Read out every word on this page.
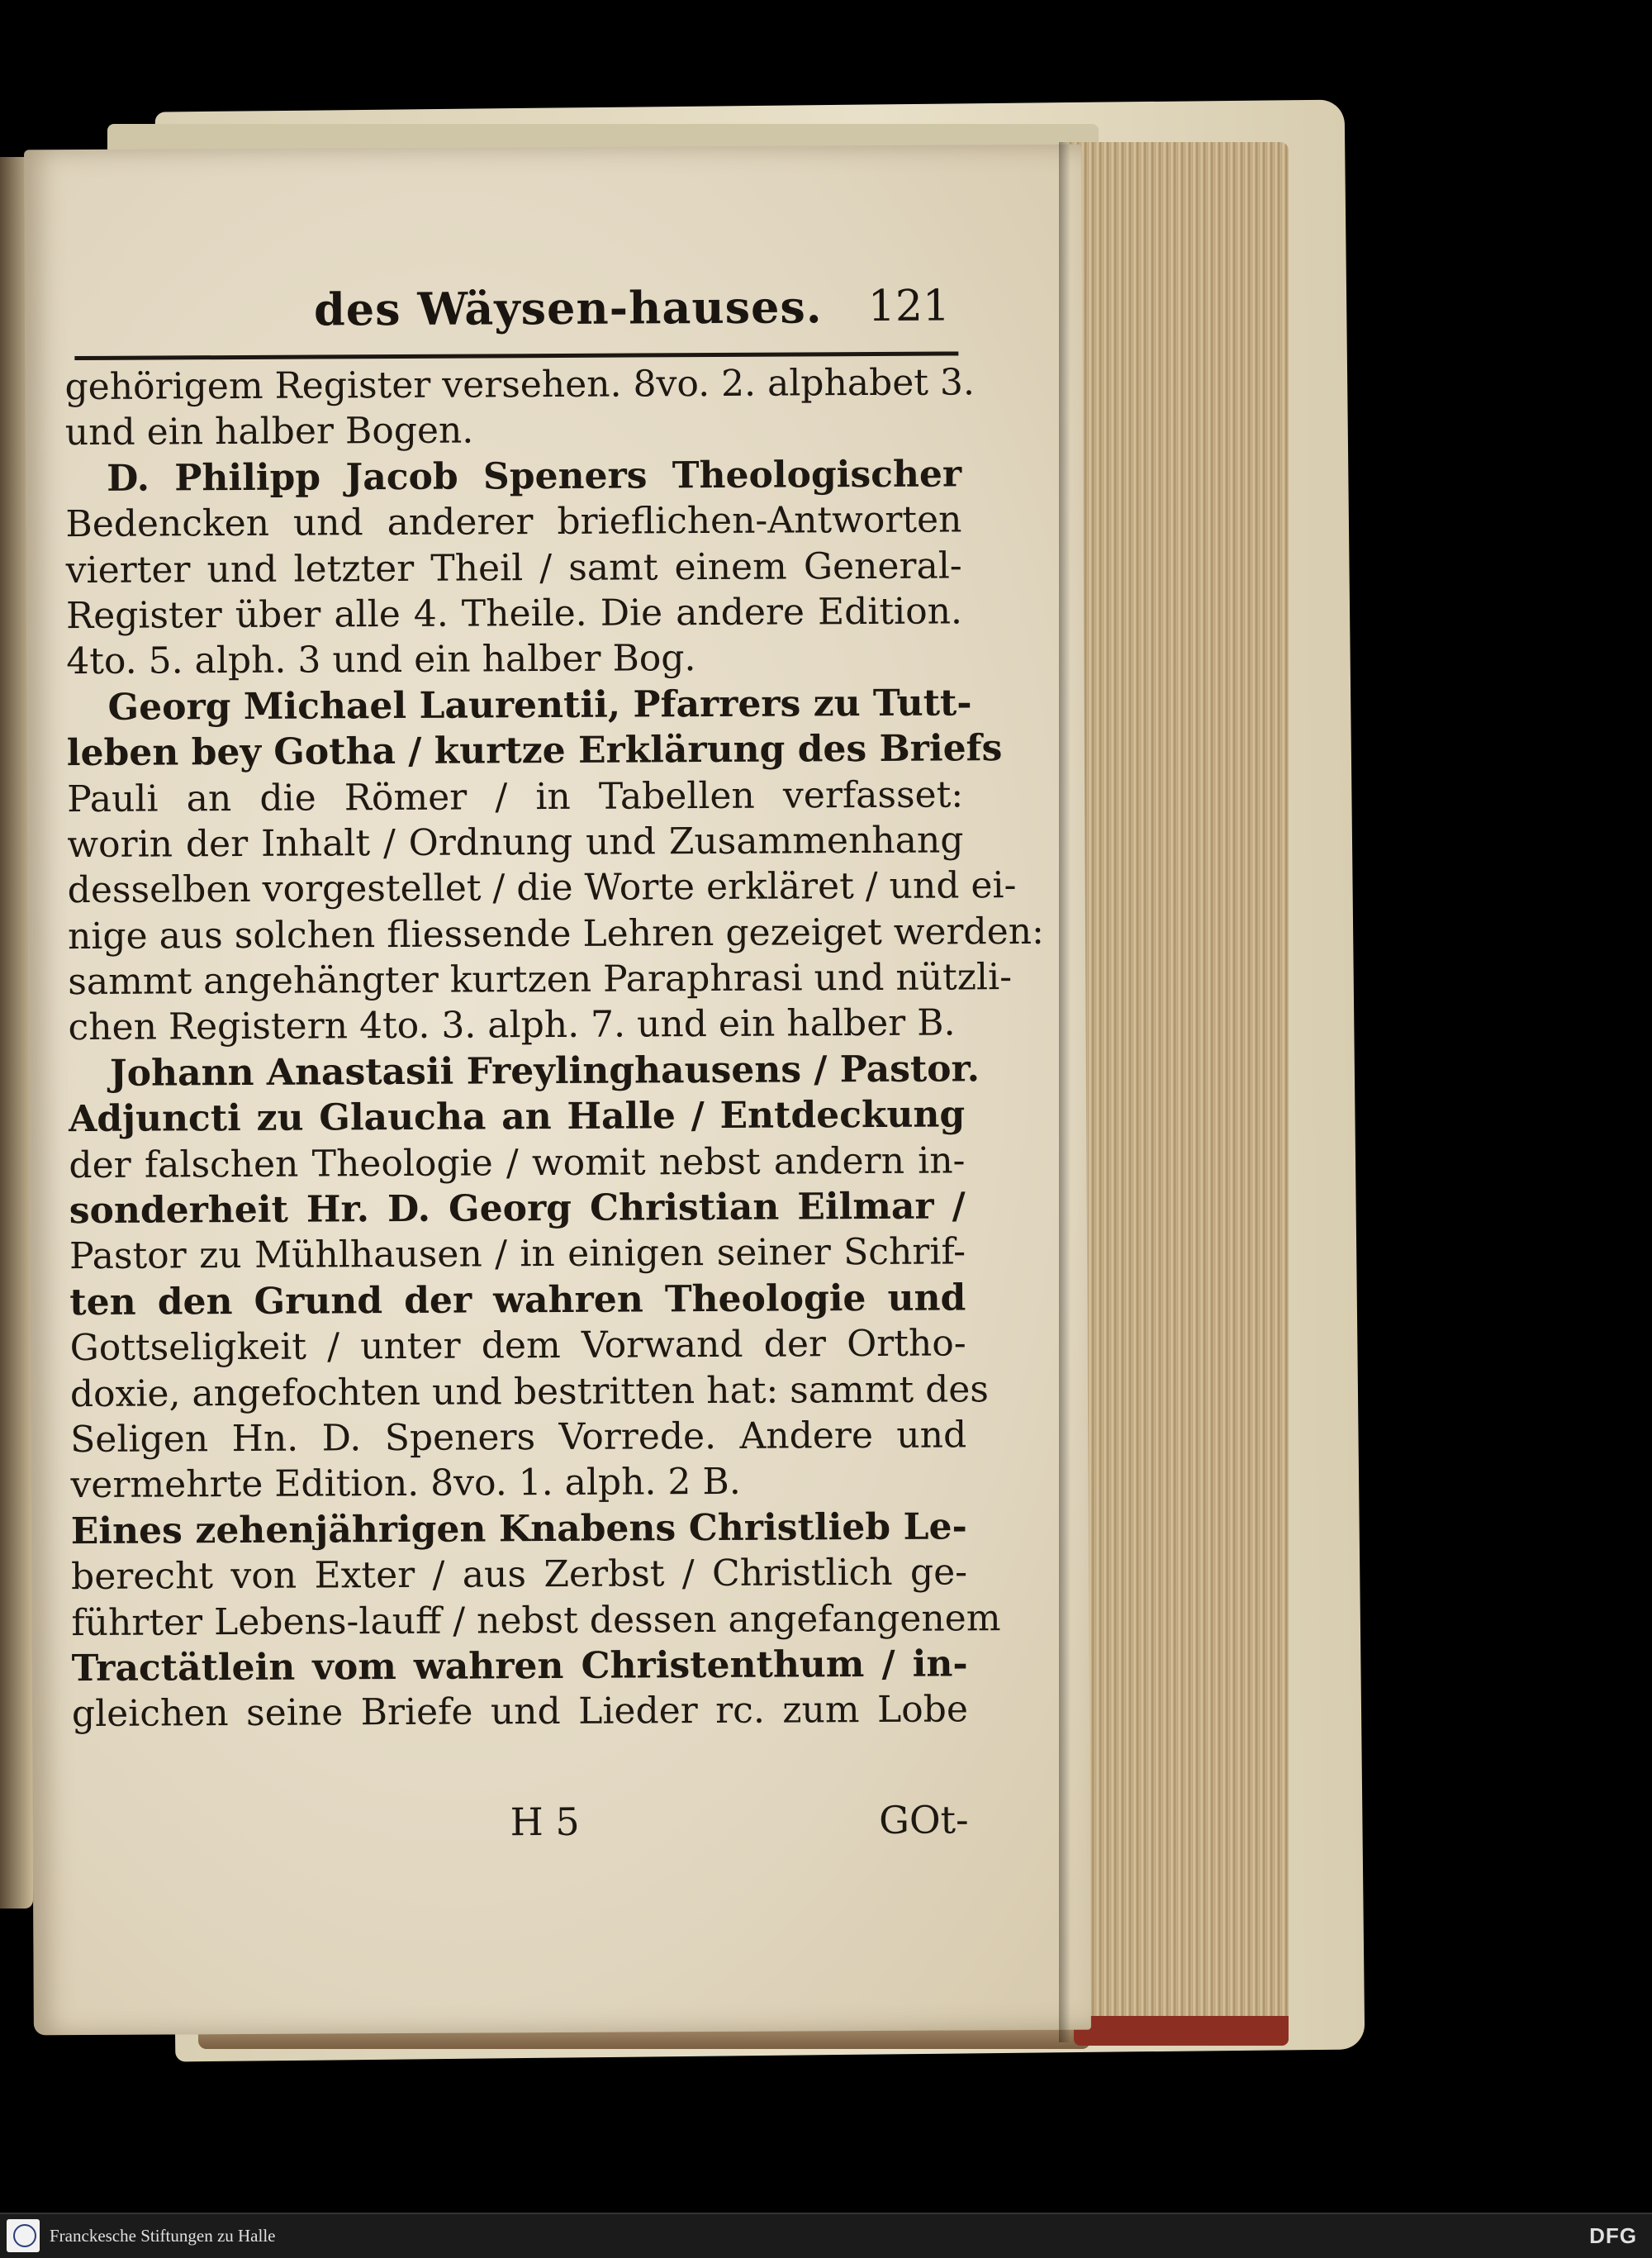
des Wäysen-hauses. 121

gehörigem Register versehen. 8vo. 2. alphabet 3.
und ein halber Bogen.
D. Philipp Jacob Speners Theologischer
Bedencken und anderer brieflichen-Antworten
vierter und letzter Theil / samt einem General-
Register über alle 4. Theile. Die andere Edition.
4to. 5. alph. 3 und ein halber Bog.
Georg Michael Laurentii, Pfarrers zu Tutt-
leben bey Gotha / kurtze Erklärung des Briefs
Pauli an die Römer / in Tabellen verfasset:
worin der Inhalt / Ordnung und Zusammenhang
desselben vorgestellet / die Worte erkläret / und ei-
nige aus solchen fliessende Lehren gezeiget werden:
sammt angehängter kurtzen Paraphrasi und nützli-
chen Registern 4to. 3. alph. 7. und ein halber B.
Johann Anastasii Freylinghausens / Pastor.
Adjuncti zu Glaucha an Halle / Entdeckung
der falschen Theologie / womit nebst andern in-
sonderheit Hr. D. Georg Christian Eilmar /
Pastor zu Mühlhausen / in einigen seiner Schrif-
ten den Grund der wahren Theologie und
Gottseligkeit / unter dem Vorwand der Ortho-
doxie, angefochten und bestritten hat: sammt des
Seligen Hn. D. Speners Vorrede. Andere und
vermehrte Edition. 8vo. 1. alph. 2 B.
Eines zehenjährigen Knabens Christlieb Le-
berecht von Exter / aus Zerbst / Christlich ge-
führter Lebens-lauff / nebst dessen angefangenem
Tractätlein vom wahren Christenthum / in-
gleichen seine Briefe und Lieder rc. zum Lobe
H 5	GOt-

Franckesche Stiftungen zu Halle	DFG
